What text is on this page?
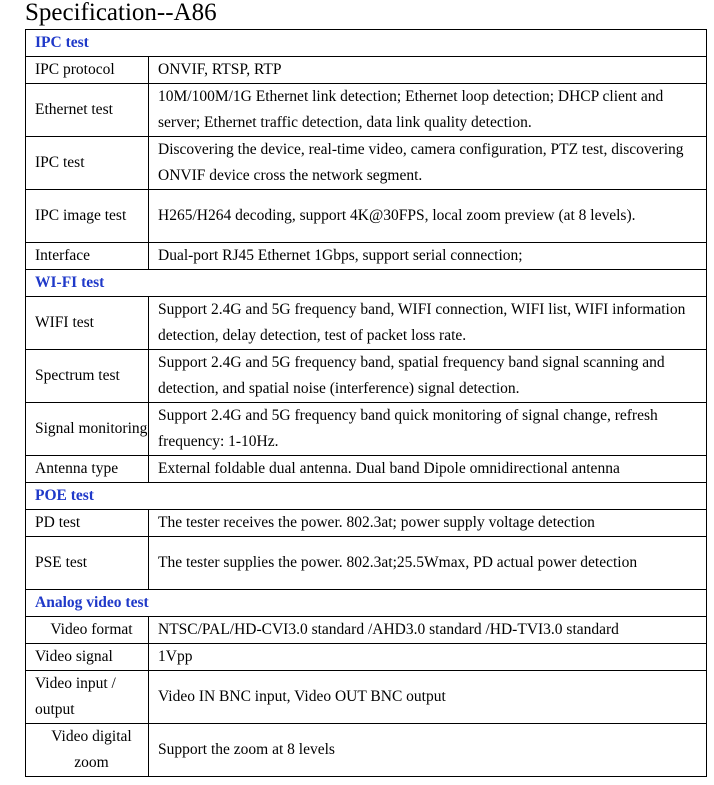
Specification--A86
IPC test	
IPC protocol	ONVIF, RTSP, RTP
Ethernet test	10M/100M/1G Ethernet link detection; Ethernet loop detection; DHCP client and server; Ethernet traffic detection, data link quality detection.
IPC test	Discovering the device, real-time video, camera configuration, PTZ test, discovering ONVIF device cross the network segment.
IPC image test	H265/H264 decoding, support 4K@30FPS, local zoom preview (at 8 levels).
Interface	Dual-port RJ45 Ethernet 1Gbps, support serial connection;
WI-FI test	
WIFI test	Support 2.4G and 5G frequency band, WIFI connection, WIFI list, WIFI information detection, delay detection, test of packet loss rate.
Spectrum test	Support 2.4G and 5G frequency band, spatial frequency band signal scanning and detection, and spatial noise (interference) signal detection.
Signal monitoring	Support 2.4G and 5G frequency band quick monitoring of signal change, refresh frequency: 1-10Hz.
Antenna type	External foldable dual antenna. Dual band Dipole omnidirectional antenna
POE test	
PD test	The tester receives the power. 802.3at; power supply voltage detection
PSE test	The tester supplies the power. 802.3at;25.5Wmax, PD actual power detection
Analog video test	
Video format	NTSC/PAL/HD-CVI3.0 standard /AHD3.0 standard /HD-TVI3.0 standard
Video signal	1Vpp
Video input / output	Video IN BNC input, Video OUT BNC output
Video digital zoom	Support the zoom at 8 levels
